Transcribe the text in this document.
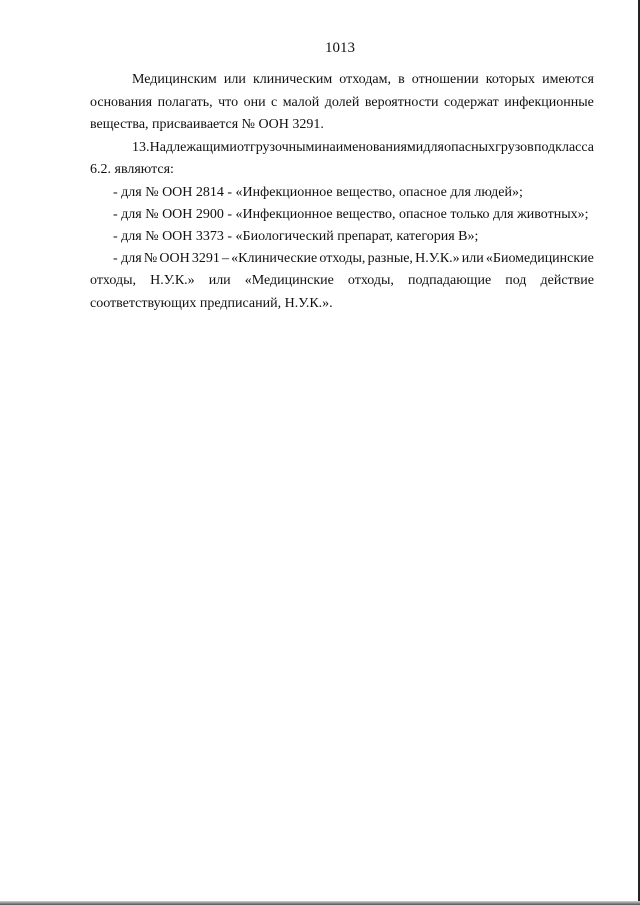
1013
Медицинским или клиническим отходам, в отношении которых имеются
основания полагать, что они с малой долей вероятности содержат инфекционные
вещества, присваивается № ООН 3291.
13. Надлежащими отгрузочными наименованиями для опасных грузов подкласса
6.2. являются:
- для № ООН 2814 - «Инфекционное вещество, опасное для людей»;
- для № ООН 2900 - «Инфекционное вещество, опасное только для животных»;
- для № ООН 3373 - «Биологический препарат, категория В»;
- для № ООН 3291 – «Клинические отходы, разные, Н.У.К.» или «Биомедицинские
отходы, Н.У.К.» или «Медицинские отходы, подпадающие под действие
соответствующих предписаний, Н.У.К.».
